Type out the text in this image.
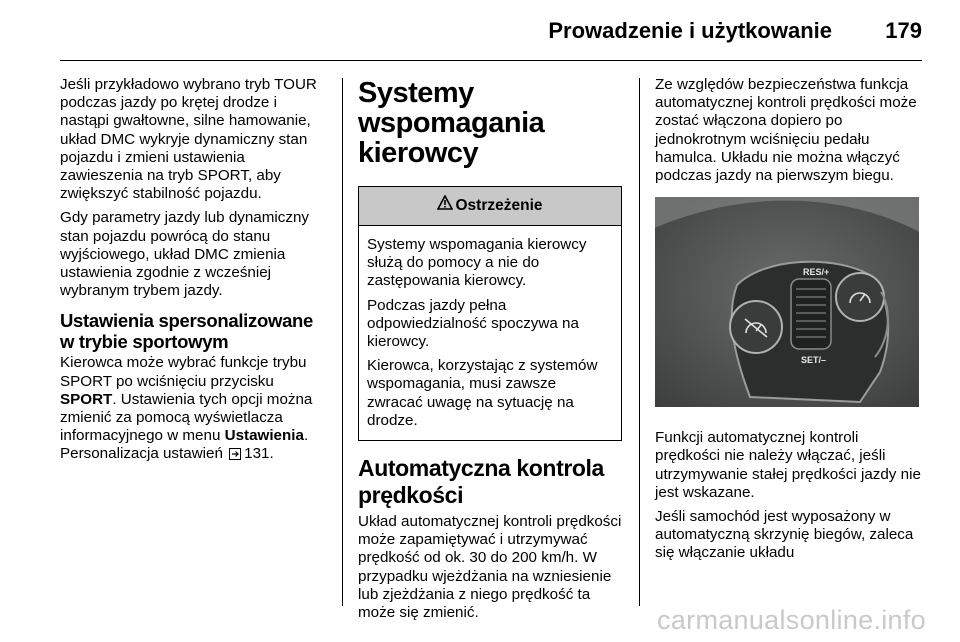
Prowadzenie i użytkowanie 179

Jeśli przykładowo wybrano tryb TOUR podczas jazdy po krętej drodze i nastąpi gwałtowne, silne hamowanie, układ DMC wykryje dynamiczny stan pojazdu i zmieni ustawienia zawieszenia na tryb SPORT, aby zwiększyć stabilność pojazdu.

Gdy parametry jazdy lub dynamiczny stan pojazdu powrócą do stanu wyjściowego, układ DMC zmienia ustawienia zgodnie z wcześniej wybranym trybem jazdy.

Ustawienia spersonalizowane w trybie sportowym

Kierowca może wybrać funkcje trybu SPORT po wciśnięciu przycisku SPORT. Ustawienia tych opcji można zmienić za pomocą wyświetlacza informacyjnego w menu Ustawienia.

Personalizacja ustawień 131.

Systemy wspomagania kierowcy
Ostrzeżenie

Systemy wspomagania kierowcy służą do pomocy a nie do zastępowania kierowcy.

Podczas jazdy pełna odpowiedzialność spoczywa na kierowcy.

Kierowca, korzystając z systemów wspomagania, musi zawsze zwracać uwagę na sytuację na drodze.

Automatyczna kontrola prędkości

Układ automatycznej kontroli prędkości może zapamiętywać i utrzymywać prędkość od ok. 30 do 200 km/h. W przypadku wjeżdżania na wzniesienie lub zjeżdżania z niego prędkość ta może się zmienić.

Ze względów bezpieczeństwa funkcja automatycznej kontroli prędkości może zostać włączona dopiero po jednokrotnym wciśnięciu pedału hamulca. Układu nie można włączyć podczas jazdy na pierwszym biegu.

RES/+
SET/–

Funkcji automatycznej kontroli prędkości nie należy włączać, jeśli utrzymywanie stałej prędkości jazdy nie jest wskazane.

Jeśli samochód jest wyposażony w automatyczną skrzynię biegów, zaleca się włączanie układu

carmanualsonline.info
